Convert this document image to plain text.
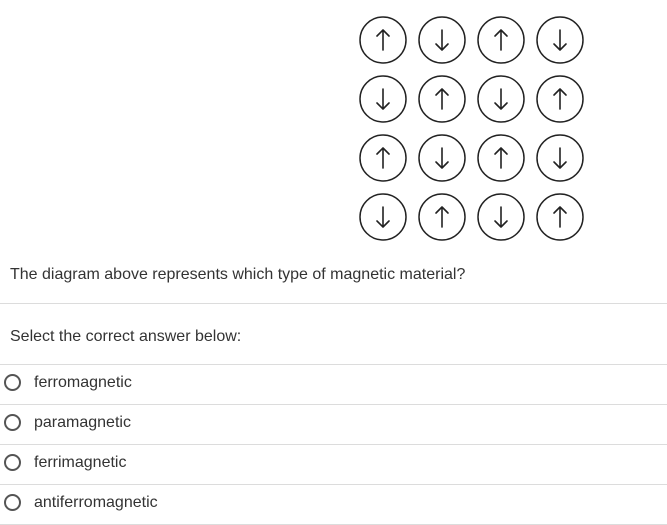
The diagram above represents which type of magnetic material?
Select the correct answer below:
ferromagnetic
paramagnetic
ferrimagnetic
antiferromagnetic
